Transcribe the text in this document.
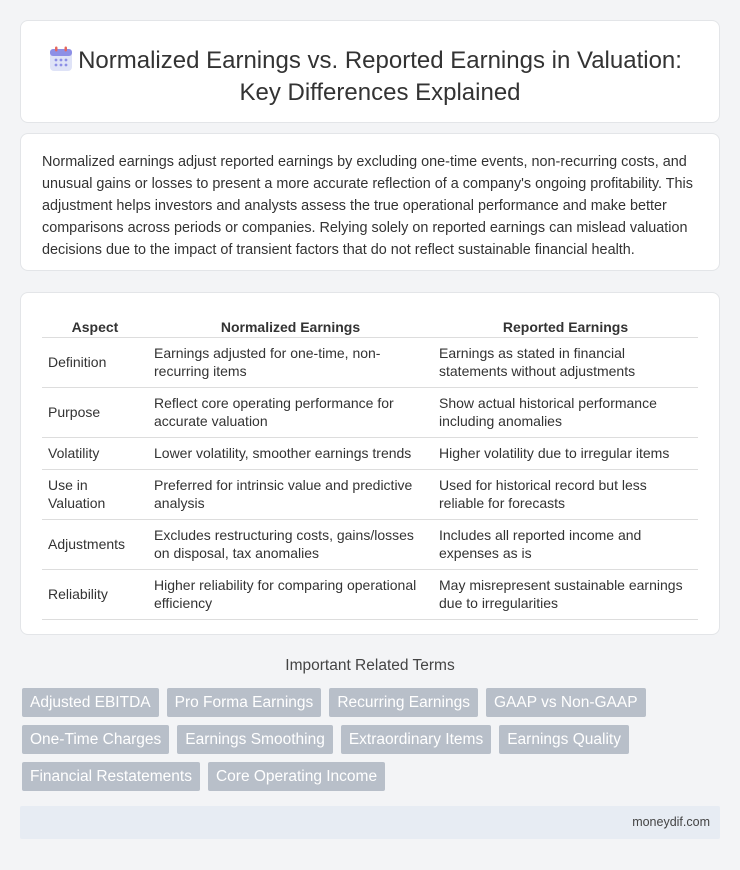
Normalized Earnings vs. Reported Earnings in Valuation: Key Differences Explained

Normalized earnings adjust reported earnings by excluding one-time events, non-recurring costs, and unusual gains or losses to present a more accurate reflection of a company's ongoing profitability. This adjustment helps investors and analysts assess the true operational performance and make better comparisons across periods or companies. Relying solely on reported earnings can mislead valuation decisions due to the impact of transient factors that do not reflect sustainable financial health.

Aspect	Normalized Earnings	Reported Earnings
Definition	Earnings adjusted for one-time, non-recurring items	Earnings as stated in financial statements without adjustments
Purpose	Reflect core operating performance for accurate valuation	Show actual historical performance including anomalies
Volatility	Lower volatility, smoother earnings trends	Higher volatility due to irregular items
Use in Valuation	Preferred for intrinsic value and predictive analysis	Used for historical record but less reliable for forecasts
Adjustments	Excludes restructuring costs, gains/losses on disposal, tax anomalies	Includes all reported income and expenses as is
Reliability	Higher reliability for comparing operational efficiency	May misrepresent sustainable earnings due to irregularities
Important Related Terms
Adjusted EBITDA	Pro Forma Earnings	Recurring Earnings	GAAP vs Non-GAAP
One-Time Charges	Earnings Smoothing	Extraordinary Items	Earnings Quality
Financial Restatements	Core Operating Income
moneydif.com
